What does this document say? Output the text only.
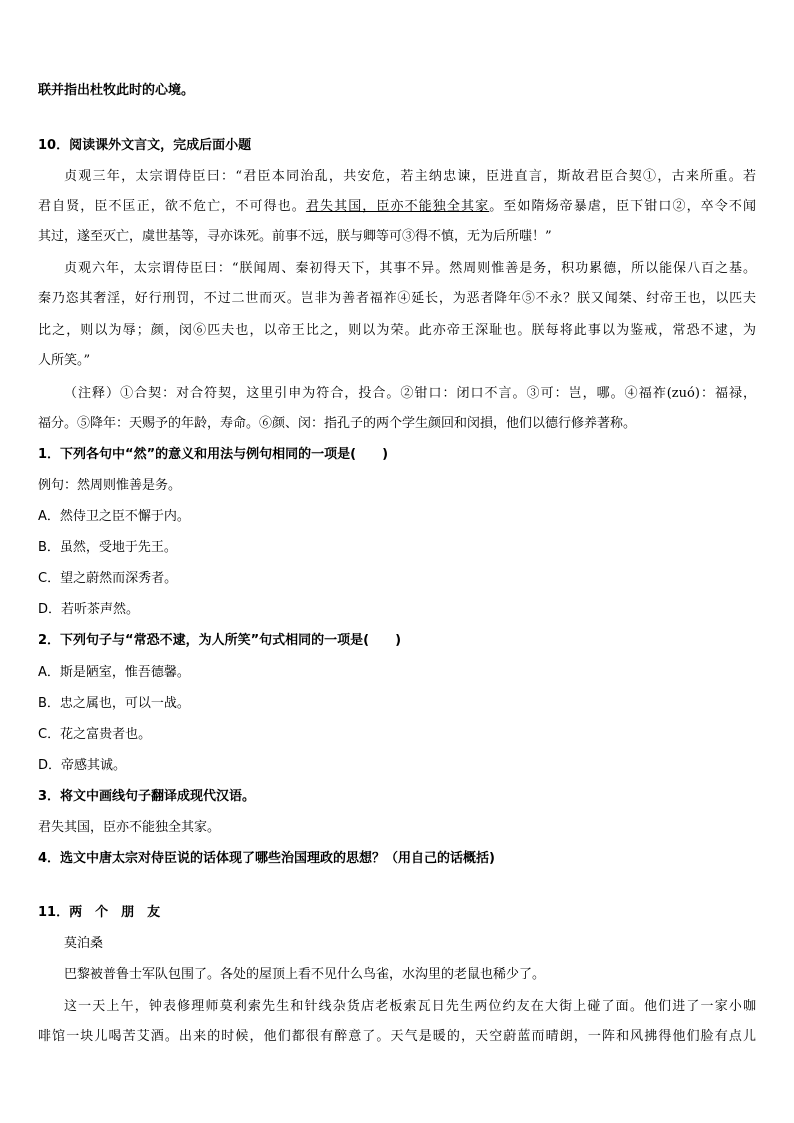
联并指出杜牧此时的心境。
10．阅读课外文言文，完成后面小题
贞观三年，太宗谓侍臣曰：“君臣本同治乱，共安危，若主纳忠谏，臣进直言，斯故君臣合契①，古来所重。若
君自贤，臣不匡正，欲不危亡，不可得也。君失其国，臣亦不能独全其家。至如隋炀帝暴虐，臣下钳口②，卒令不闻
其过，遂至灭亡，虞世基等，寻亦诛死。前事不远，朕与卿等可③得不慎，无为后所嗤！”
贞观六年，太宗谓侍臣曰：“朕闻周、秦初得天下，其事不异。然周则惟善是务，积功累德，所以能保八百之基。
秦乃恣其奢淫，好行刑罚，不过二世而灭。岂非为善者福祚④延长，为恶者降年⑤不永？朕又闻桀、纣帝王也，以匹夫
比之，则以为辱；颜，闵⑥匹夫也，以帝王比之，则以为荣。此亦帝王深耻也。朕每将此事以为鉴戒，常恐不逮，为
人所笑。”
（注释）①合契：对合符契，这里引申为符合，投合。②钳口：闭口不言。③可：岂，哪。④福祚(zuó)：福禄，
福分。⑤降年：天赐予的年龄，寿命。⑥颜、闵：指孔子的两个学生颜回和闵損，他们以德行修养著称。
1．下列各句中“然”的意义和用法与例句相同的一项是(　　)
例句：然周则惟善是务。
A．然侍卫之臣不懈于内。
B．虽然，受地于先王。
C．望之蔚然而深秀者。
D．若听茶声然。
2．下列句子与“常恐不逮，为人所笑”句式相同的一项是(　　)
A．斯是陋室，惟吾德馨。
B．忠之属也，可以一战。
C．花之富贵者也。
D．帝感其诚。
3．将文中画线句子翻译成现代汉语。
君失其国，臣亦不能独全其家。
4．选文中唐太宗对侍臣说的话体现了哪些治国理政的思想？（用自己的话概括)
11．两　个　朋　友
莫泊桑
巴黎被普鲁士军队包围了。各处的屋顶上看不见什么鸟雀，水沟里的老鼠也稀少了。
这一天上午，钟表修理师莫利索先生和针线杂货店老板索瓦日先生两位约友在大街上碰了面。他们进了一家小咖
啡馆一块儿喝苦艾酒。出来的时候，他们都很有醉意了。天气是暖的，天空蔚蓝而晴朗，一阵和风拂得他们脸有点儿
